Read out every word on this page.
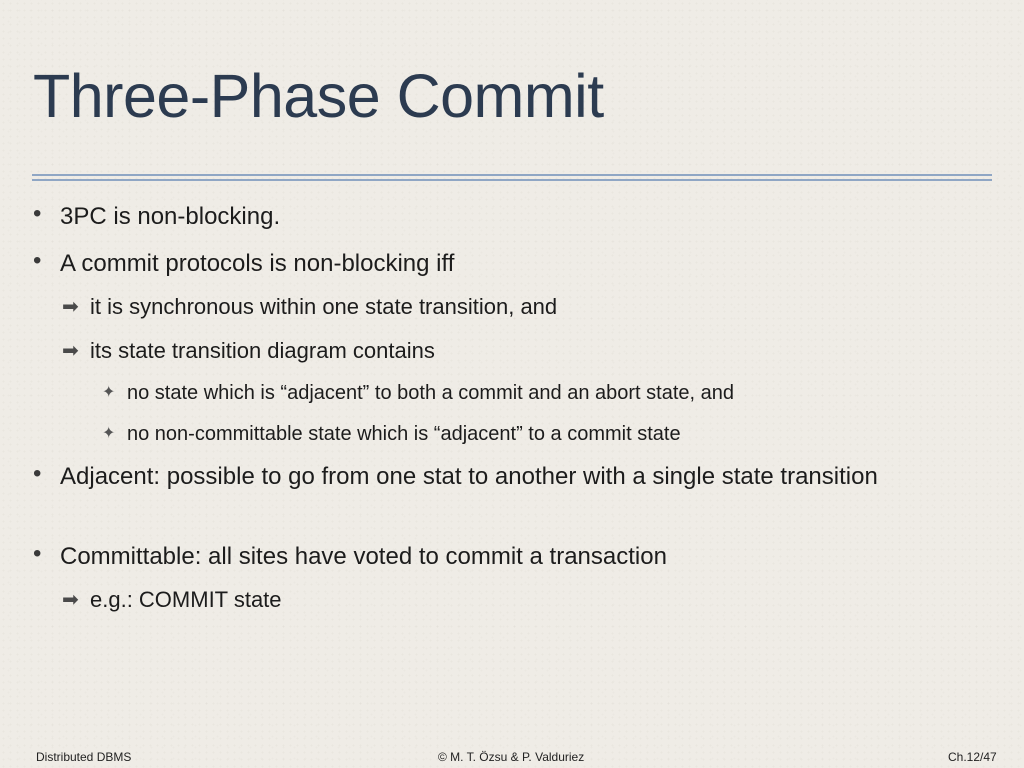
Three-Phase Commit
• 3PC is non-blocking.
• A commit protocols is non-blocking iff
➡ it is synchronous within one state transition, and
➡ its state transition diagram contains
✦ no state which is “adjacent” to both a commit and an abort state, and
✦ no non-committable state which is “adjacent” to a commit state
• Adjacent: possible to go from one stat to another with a single state transition
• Committable: all sites have voted to commit a transaction
➡ e.g.: COMMIT state
Distributed DBMS	© M. T. Özsu & P. Valduriez	Ch.12/47
